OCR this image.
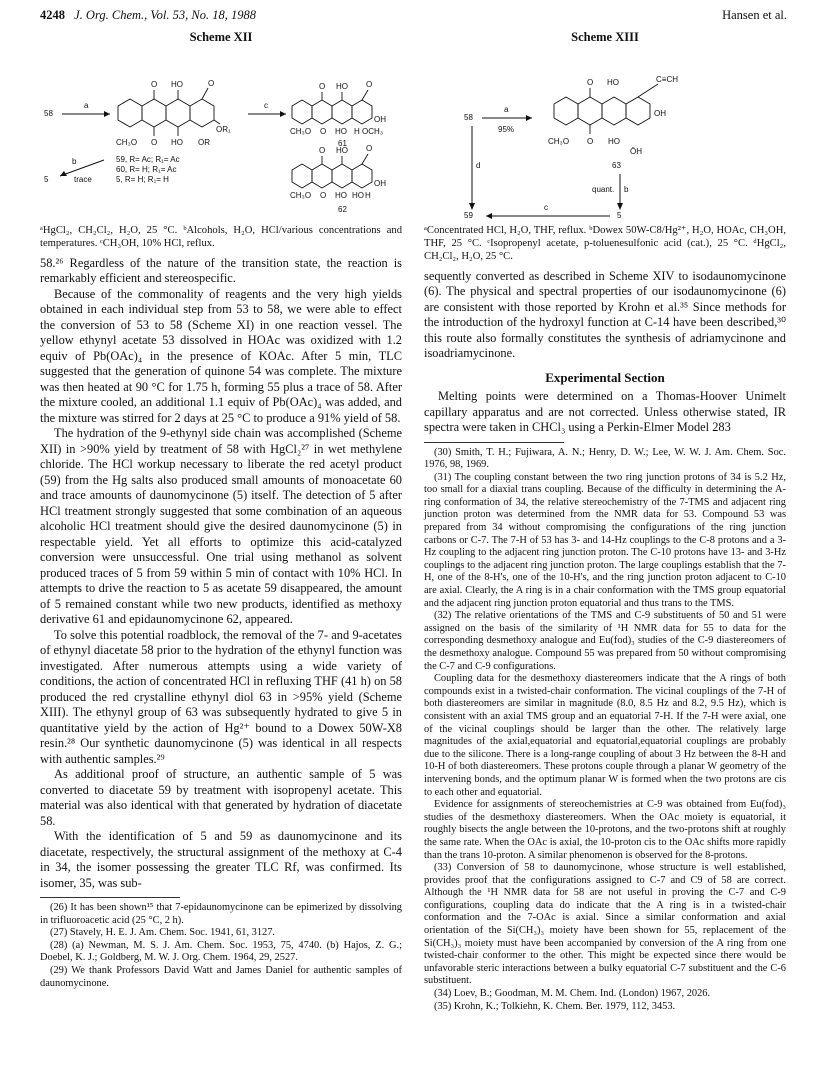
4248 J. Org. Chem., Vol. 53, No. 18, 1988	Hansen et al.
Scheme XII
58
a
O HO	O
OR₁
CH₃O O HO OR
c
O HO O
OH
CH₃O O HO H OCH₃
61
b
5	trace
59, R= Ac; R₁= Ac
60, R= H; R₁= Ac
5, R= H; R₁= H
O HO O
OH
CH₃O O HO HO H
62
ᵃHgCl₂, CH₂Cl₂, H₂O, 25 °C. ᵇAlcohols, H₂O, HCl/various concentrations and temperatures. ᶜCH₃OH, 10% HCl, reflux.

58.²⁶ Regardless of the nature of the transition state, the reaction is remarkably efficient and stereospecific.

Because of the commonality of reagents and the very high yields obtained in each individual step from 53 to 58, we were able to effect the conversion of 53 to 58 (Scheme XI) in one reaction vessel. The yellow ethynyl acetate 53 dissolved in HOAc was oxidized with 1.2 equiv of Pb(OAc)₄ in the presence of KOAc. After 5 min, TLC suggested that the generation of quinone 54 was complete. The mixture was then heated at 90 °C for 1.75 h, forming 55 plus a trace of 58. After the mixture cooled, an additional 1.1 equiv of Pb(OAc)₄ was added, and the mixture was stirred for 2 days at 25 °C to produce a 91% yield of 58.

The hydration of the 9-ethynyl side chain was accomplished (Scheme XII) in >90% yield by treatment of 58 with HgCl₂²⁷ in wet methylene chloride. The HCl workup necessary to liberate the red acetyl product (59) from the Hg salts also produced small amounts of monoacetate 60 and trace amounts of daunomycinone (5) itself. The detection of 5 after HCl treatment strongly suggested that some combination of an aqueous alcoholic HCl treatment should give the desired daunomycinone (5) in respectable yield. Yet all efforts to optimize this acid-catalyzed conversion were unsuccessful. One trial using methanol as solvent produced traces of 5 from 59 within 5 min of contact with 10% HCl. In attempts to drive the reaction to 5 as acetate 59 disappeared, the amount of 5 remained constant while two new products, identified as methoxy derivative 61 and epidaunomycinone 62, appeared.

To solve this potential roadblock, the removal of the 7- and 9-acetates of ethynyl diacetate 58 prior to the hydration of the ethynyl function was investigated. After numerous attempts using a wide variety of conditions, the action of concentrated HCl in refluxing THF (41 h) on 58 produced the red crystalline ethynyl diol 63 in >95% yield (Scheme XIII). The ethynyl group of 63 was subsequently hydrated to give 5 in quantitative yield by the action of Hg²⁺ bound to a Dowex 50W-X8 resin.²⁸ Our synthetic daunomycinone (5) was identical in all respects with authentic samples.²⁹

As additional proof of structure, an authentic sample of 5 was converted to diacetate 59 by treatment with isopropenyl acetate. This material was also identical with that generated by hydration of diacetate 58.

With the identification of 5 and 59 as daunomycinone and its diacetate, respectively, the structural assignment of the methoxy at C-4 in 34, the isomer possessing the greater TLC Rf, was confirmed. Its isomer, 35, was sub-

(26) It has been shown¹⁵ that 7-epidaunomycinone can be epimerized by dissolving in trifluoroacetic acid (25 °C, 2 h).

(27) Stavely, H. E. J. Am. Chem. Soc. 1941, 61, 3127.

(28) (a) Newman, M. S. J. Am. Chem. Soc. 1953, 75, 4740. (b) Hajos, Z. G.; Doebel, K. J.; Goldberg, M. W. J. Org. Chem. 1964, 29, 2527.

(29) We thank Professors David Watt and James Daniel for authentic samples of daunomycinone.

Scheme XIII
58
a
95%
O HO	C≡CH
OH
CH₃O O HO
ŌH
63
d
quant. b
59
c
5
ᵃConcentrated HCl, H₂O, THF, reflux. ᵇDowex 50W-C8/Hg²⁺, H₂O, HOAc, CH₃OH, THF, 25 °C. ᶜIsopropenyl acetate, p-toluenesulfonic acid (cat.), 25 °C. ᵈHgCl₂, CH₂Cl₂, H₂O, 25 °C.

sequently converted as described in Scheme XIV to isodaunomycinone (6). The physical and spectral properties of our isodaunomycinone (6) are consistent with those reported by Krohn et al.³⁵ Since methods for the introduction of the hydroxyl function at C-14 have been described,³⁰ this route also formally constitutes the synthesis of adriamycinone and isoadriamycinone.

Experimental Section

Melting points were determined on a Thomas-Hoover Unimelt capillary apparatus and are not corrected. Unless otherwise stated, IR spectra were taken in CHCl₃ using a Perkin-Elmer Model 283

(30) Smith, T. H.; Fujiwara, A. N.; Henry, D. W.; Lee, W. W. J. Am. Chem. Soc. 1976, 98, 1969.

(31) The coupling constant between the two ring junction protons of 34 is 5.2 Hz, too small for a diaxial trans coupling. Because of the difficulty in determining the A-ring conformation of 34, the relative stereochemistry of the 7-TMS and adjacent ring junction proton was determined from the NMR data for 53. Compound 53 was prepared from 34 without compromising the configurations of the ring junction carbons or C-7. The 7-H of 53 has 3- and 14-Hz couplings to the C-8 protons and a 3-Hz coupling to the adjacent ring junction proton. The C-10 protons have 13- and 3-Hz couplings to the adjacent ring junction proton. The large couplings establish that the 7-H, one of the 8-H's, one of the 10-H's, and the ring junction proton adjacent to C-10 are axial. Clearly, the A ring is in a chair conformation with the TMS group equatorial and the adjacent ring junction proton equatorial and thus trans to the TMS.

(32) The relative orientations of the TMS and C-9 substituents of 50 and 51 were assigned on the basis of the similarity of ¹H NMR data for 55 to data for the corresponding desmethoxy analogue and Eu(fod)₃ studies of the C-9 diastereomers of the desmethoxy analogue. Compound 55 was prepared from 50 without compromising the C-7 and C-9 configurations.

Coupling data for the desmethoxy diastereomers indicate that the A rings of both compounds exist in a twisted-chair conformation. The vicinal couplings of the 7-H of both diastereomers are similar in magnitude (8.0, 8.5 Hz and 8.2, 9.5 Hz), which is consistent with an axial TMS group and an equatorial 7-H. If the 7-H were axial, one of the vicinal couplings should be larger than the other. The relatively large magnitudes of the axial,equatorial and equatorial,equatorial couplings are probably due to the silicone. There is a long-range coupling of about 3 Hz between the 8-H and 10-H of both diastereomers. These protons couple through a planar W geometry of the intervening bonds, and the optimum planar W is formed when the two protons are cis to each other and equatorial.

Evidence for assignments of stereochemistries at C-9 was obtained from Eu(fod)₃ studies of the desmethoxy diastereomers. When the OAc moiety is equatorial, it roughly bisects the angle between the 10-protons, and the two-protons shift at roughly the same rate. When the OAc is axial, the 10-proton cis to the OAc shifts more rapidly than the trans 10-proton. A similar phenomenon is observed for the 8-protons.

(33) Conversion of 58 to daunomycinone, whose structure is well established, provides proof that the configurations assigned to C-7 and C9 of 58 are correct. Although the ¹H NMR data for 58 are not useful in proving the C-7 and C-9 configurations, coupling data do indicate that the A ring is in a twisted-chair conformation and the 7-OAc is axial. Since a similar conformation and axial orientation of the Si(CH₃)₃ moiety have been shown for 55, replacement of the Si(CH₃)₃ moiety must have been accompanied by conversion of the A ring from one twisted-chair conformer to the other. This might be expected since there would be unfavorable steric interactions between a bulky equatorial C-7 substituent and the C-6 substituent.

(34) Loev, B.; Goodman, M. M. Chem. Ind. (London) 1967, 2026.

(35) Krohn, K.; Tolkiehn, K. Chem. Ber. 1979, 112, 3453.
